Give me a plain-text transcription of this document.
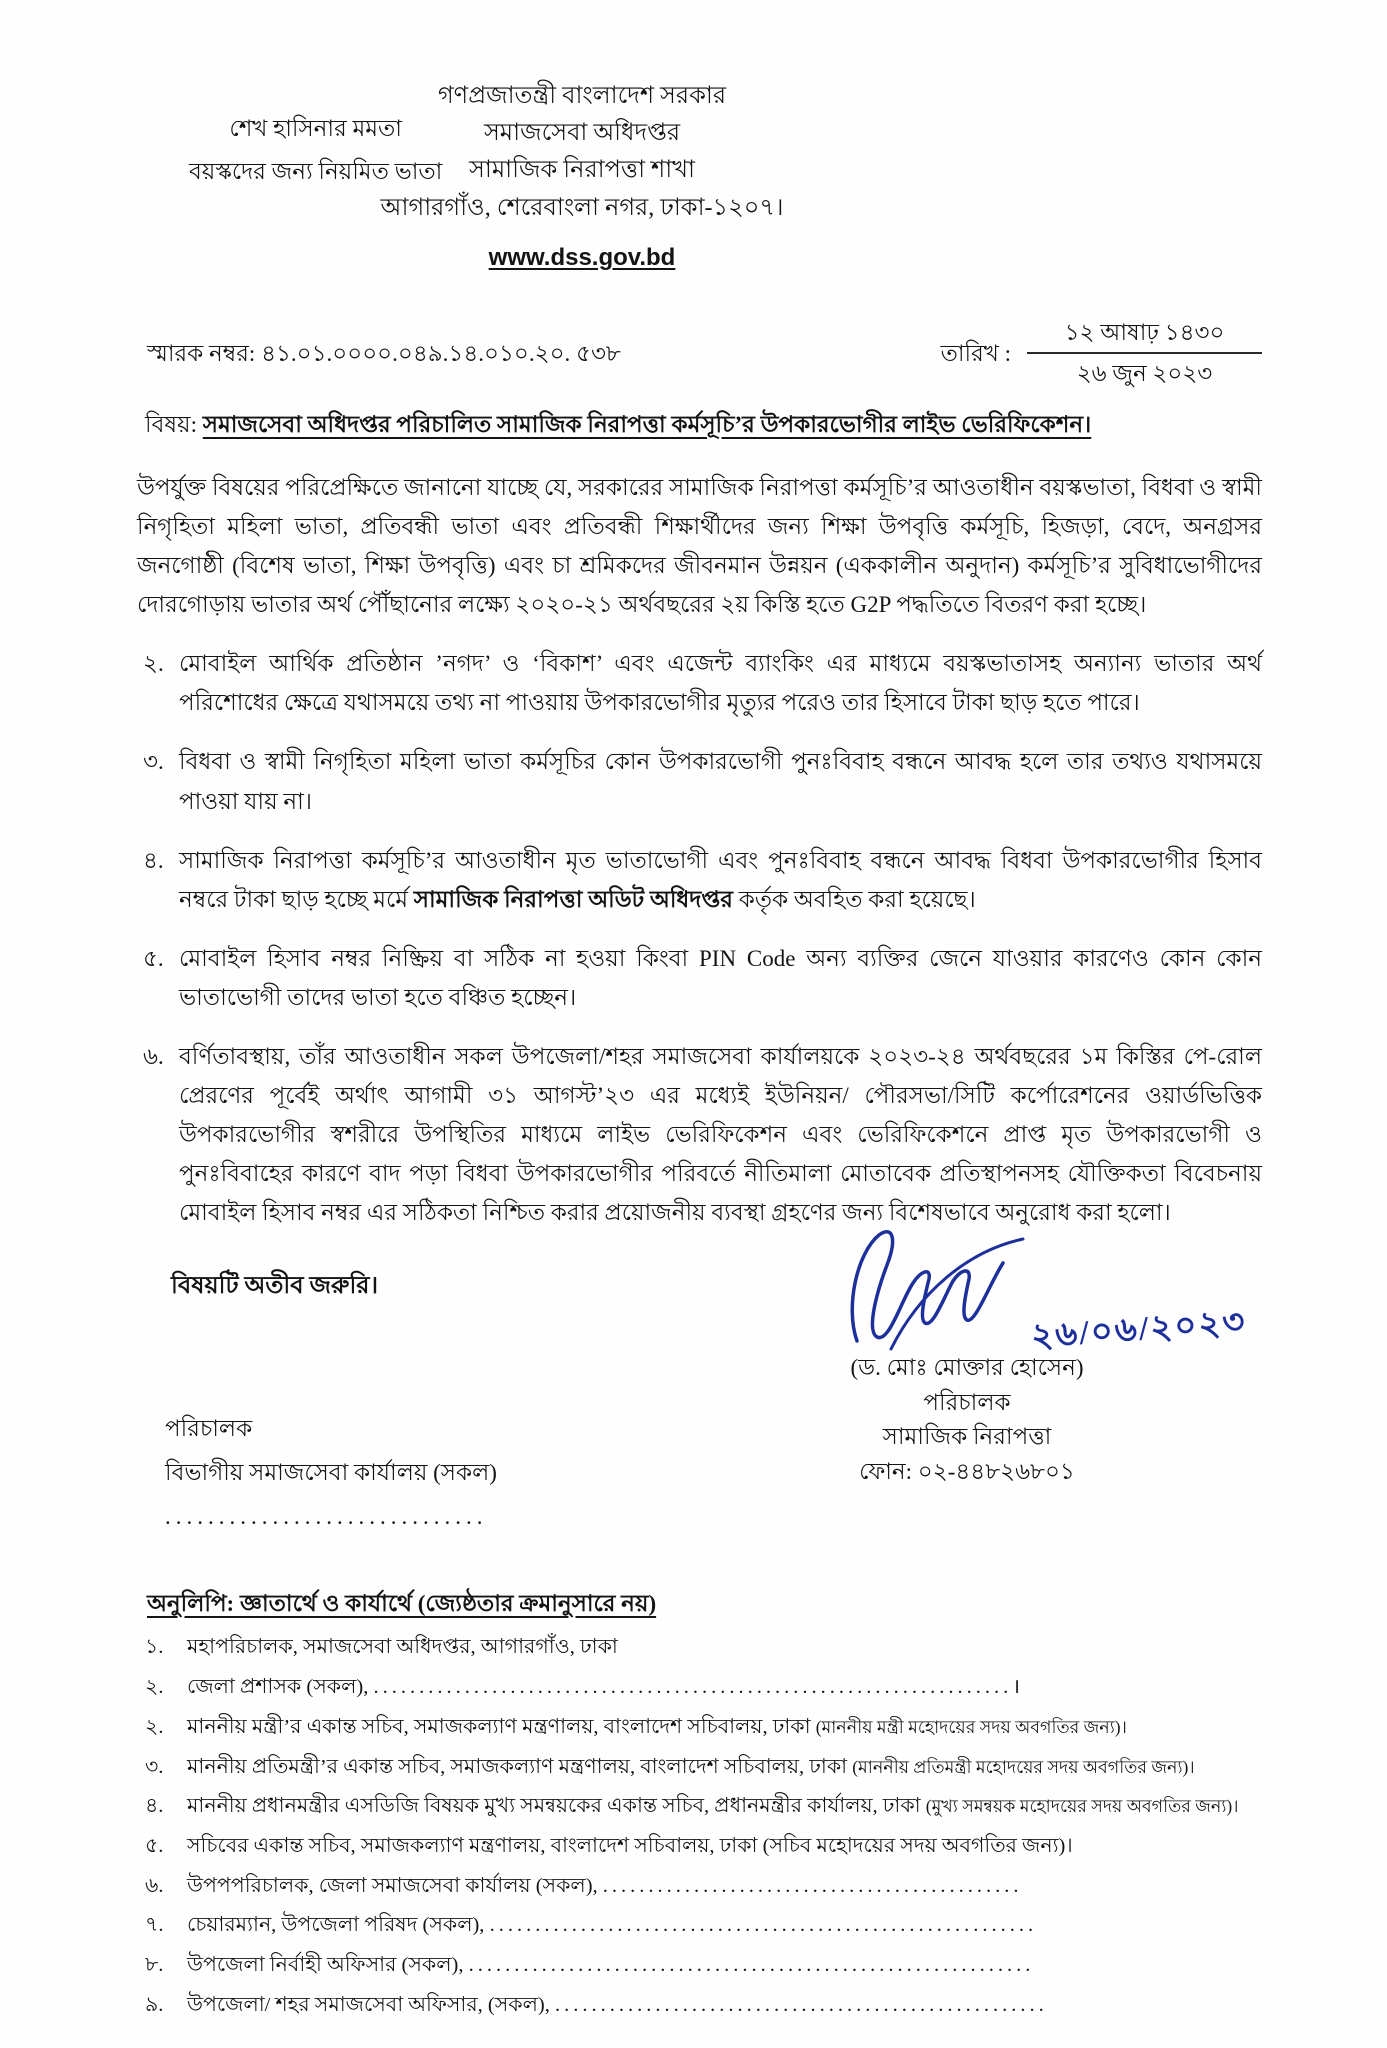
শেখ হাসিনার মমতা
বয়স্কদের জন্য নিয়মিত ভাতা
গণপ্রজাতন্ত্রী বাংলাদেশ সরকার
সমাজসেবা অধিদপ্তর
সামাজিক নিরাপত্তা শাখা
আগারগাঁও, শেরেবাংলা নগর, ঢাকা-১২০৭।
www.dss.gov.bd
স্মারক নম্বর: ৪১.০১.০০০০.০৪৯.১৪.০১০.২০. ৫৩৮	তারিখ :
১২ আষাঢ় ১৪৩০
২৬ জুন ২০২৩
বিষয়: সমাজসেবা অধিদপ্তর পরিচালিত সামাজিক নিরাপত্তা কর্মসূচি’র উপকারভোগীর লাইভ ভেরিফিকেশন।
উপর্যুক্ত বিষয়ের পরিপ্রেক্ষিতে জানানো যাচ্ছে যে, সরকারের সামাজিক নিরাপত্তা কর্মসূচি’র আওতাধীন বয়স্কভাতা, বিধবা ও স্বামী নিগৃহিতা মহিলা ভাতা, প্রতিবন্ধী ভাতা এবং প্রতিবন্ধী শিক্ষার্থীদের জন্য শিক্ষা উপবৃত্তি কর্মসূচি, হিজড়া, বেদে, অনগ্রসর জনগোষ্ঠী (বিশেষ ভাতা, শিক্ষা উপবৃত্তি) এবং চা শ্রমিকদের জীবনমান উন্নয়ন (এককালীন অনুদান) কর্মসূচি’র সুবিধাভোগীদের দোরগোড়ায় ভাতার অর্থ পৌঁছানোর লক্ষ্যে ২০২০-২১ অর্থবছরের ২য় কিস্তি হতে G2P পদ্ধতিতে বিতরণ করা হচ্ছে।
২. মোবাইল আর্থিক প্রতিষ্ঠান ’নগদ’ ও ‘বিকাশ’ এবং এজেন্ট ব্যাংকিং এর মাধ্যমে বয়স্কভাতাসহ অন্যান্য ভাতার অর্থ পরিশোধের ক্ষেত্রে যথাসময়ে তথ্য না পাওয়ায় উপকারভোগীর মৃত্যুর পরেও তার হিসাবে টাকা ছাড় হতে পারে।
৩. বিধবা ও স্বামী নিগৃহিতা মহিলা ভাতা কর্মসূচির কোন উপকারভোগী পুনঃবিবাহ বন্ধনে আবদ্ধ হলে তার তথ্যও যথাসময়ে পাওয়া যায় না।
৪. সামাজিক নিরাপত্তা কর্মসূচি’র আওতাধীন মৃত ভাতাভোগী এবং পুনঃবিবাহ বন্ধনে আবদ্ধ বিধবা উপকারভোগীর হিসাব নম্বরে টাকা ছাড় হচ্ছে মর্মে সামাজিক নিরাপত্তা অডিট অধিদপ্তর কর্তৃক অবহিত করা হয়েছে।
৫. মোবাইল হিসাব নম্বর নিষ্ক্রিয় বা সঠিক না হওয়া কিংবা PIN Code অন্য ব্যক্তির জেনে যাওয়ার কারণেও কোন কোন ভাতাভোগী তাদের ভাতা হতে বঞ্চিত হচ্ছেন।
৬. বর্ণিতাবস্থায়, তাঁর আওতাধীন সকল উপজেলা/শহর সমাজসেবা কার্যালয়কে ২০২৩-২৪ অর্থবছরের ১ম কিস্তির পে-রোল প্রেরণের পূর্বেই অর্থাৎ আগামী ৩১ আগস্ট’২৩ এর মধ্যেই ইউনিয়ন/ পৌরসভা/সিটি কর্পোরেশনের ওয়ার্ডভিত্তিক উপকারভোগীর স্বশরীরে উপস্থিতির মাধ্যমে লাইভ ভেরিফিকেশন এবং ভেরিফিকেশনে প্রাপ্ত মৃত উপকারভোগী ও পুনঃবিবাহের কারণে বাদ পড়া বিধবা উপকারভোগীর পরিবর্তে নীতিমালা মোতাবেক প্রতিস্থাপনসহ যৌক্তিকতা বিবেচনায় মোবাইল হিসাব নম্বর এর সঠিকতা নিশ্চিত করার প্রয়োজনীয় ব্যবস্থা গ্রহণের জন্য বিশেষভাবে অনুরোধ করা হলো।
বিষয়টি অতীব জরুরি।
পরিচালক
বিভাগীয় সমাজসেবা কার্যালয় (সকল)
..............................
২৬/০৬/২০২৩
(ড. মোঃ মোক্তার হোসেন)
পরিচালক
সামাজিক নিরাপত্তা
ফোন: ০২-৪৪৮২৬৮০১
অনুলিপি: জ্ঞাতার্থে ও কার্যার্থে (জ্যেষ্ঠতার ক্রমানুসারে নয়)
১.	মহাপরিচালক, সমাজসেবা অধিদপ্তর, আগারগাঁও, ঢাকা
২.	জেলা প্রশাসক (সকল), ......................................................................।
২.	মাননীয় মন্ত্রী’র একান্ত সচিব, সমাজকল্যাণ মন্ত্রণালয়, বাংলাদেশ সচিবালয়, ঢাকা (মাননীয় মন্ত্রী মহোদয়ের সদয় অবগতির জন্য)।
৩.	মাননীয় প্রতিমন্ত্রী’র একান্ত সচিব, সমাজকল্যাণ মন্ত্রণালয়, বাংলাদেশ সচিবালয়, ঢাকা (মাননীয় প্রতিমন্ত্রী মহোদয়ের সদয় অবগতির জন্য)।
৪.	মাননীয় প্রধানমন্ত্রীর এসডিজি বিষয়ক মুখ্য সমন্বয়কের একান্ত সচিব, প্রধানমন্ত্রীর কার্যালয়, ঢাকা (মুখ্য সমন্বয়ক মহোদয়ের সদয় অবগতির জন্য)।
৫.	সচিবের একান্ত সচিব, সমাজকল্যাণ মন্ত্রণালয়, বাংলাদেশ সচিবালয়, ঢাকা (সচিব মহোদয়ের সদয় অবগতির জন্য)।
৬.	উপপপরিচালক, জেলা সমাজসেবা কার্যালয় (সকল), ..............................................
৭.	চেয়ারম্যান, উপজেলা পরিষদ (সকল), ............................................................
৮.	উপজেলা নির্বাহী অফিসার (সকল), ..............................................................
৯.	উপজেলা/ শহর সমাজসেবা অফিসার, (সকল), ......................................................
